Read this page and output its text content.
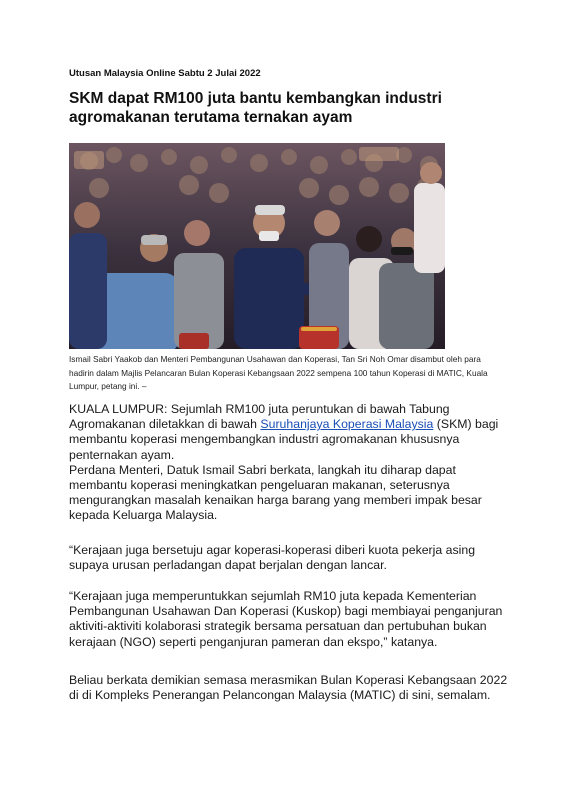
Utusan Malaysia Online Sabtu 2 Julai 2022
SKM dapat RM100 juta bantu kembangkan industri agromakanan terutama ternakan ayam

Ismail Sabri Yaakob dan Menteri Pembangunan Usahawan dan Koperasi, Tan Sri Noh Omar disambut oleh para hadirin dalam Majlis Pelancaran Bulan Koperasi Kebangsaan 2022 sempena 100 tahun Koperasi di MATIC, Kuala Lumpur, petang ini. –

KUALA LUMPUR: Sejumlah RM100 juta peruntukan di bawah Tabung Agromakanan diletakkan di bawah Suruhanjaya Koperasi Malaysia (SKM) bagi membantu koperasi mengembangkan industri agromakanan khususnya penternakan ayam.
Perdana Menteri, Datuk Ismail Sabri berkata, langkah itu diharap dapat membantu koperasi meningkatkan pengeluaran makanan, seterusnya mengurangkan masalah kenaikan harga barang yang memberi impak besar kepada Keluarga Malaysia.

“Kerajaan juga bersetuju agar koperasi-koperasi diberi kuota pekerja asing supaya urusan perladangan dapat berjalan dengan lancar.

“Kerajaan juga memperuntukkan sejumlah RM10 juta kepada Kementerian Pembangunan Usahawan Dan Koperasi (Kuskop) bagi membiayai penganjuran aktiviti-aktiviti kolaborasi strategik bersama persatuan dan pertubuhan bukan kerajaan (NGO) seperti penganjuran pameran dan ekspo,” katanya.

Beliau berkata demikian semasa merasmikan Bulan Koperasi Kebangsaan 2022 di di Kompleks Penerangan Pelancongan Malaysia (MATIC) di sini, semalam.
